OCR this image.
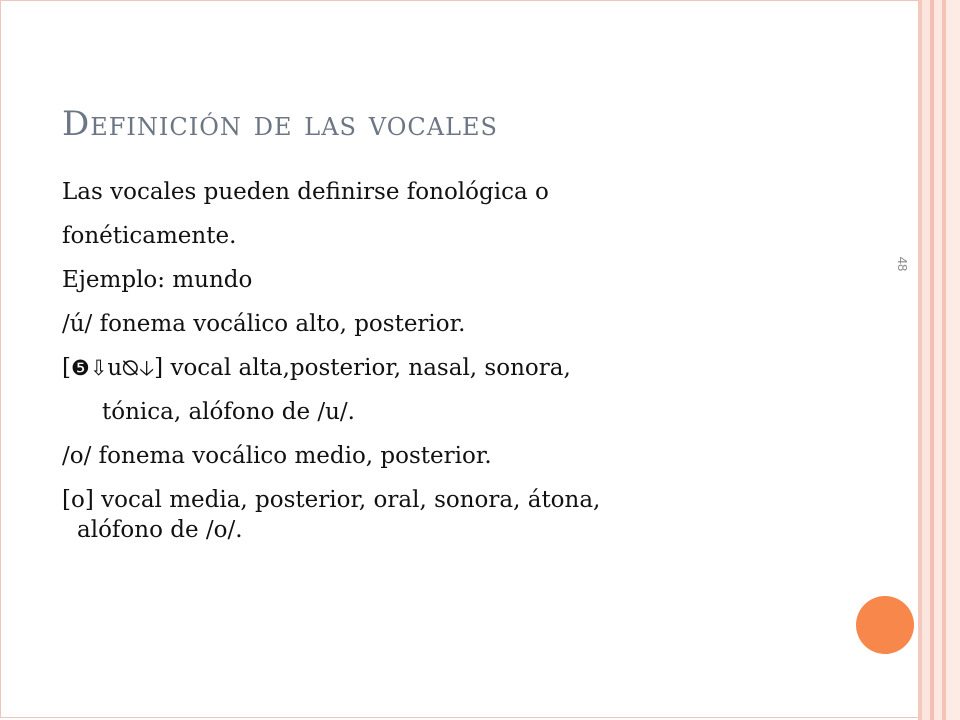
48
Definición de las vocales

Las vocales pueden definirse fonológica o

fonéticamente.

Ejemplo: mundo

/ú/ fonema vocálico alto, posterior.

[❺⇩u⦰🡣] vocal alta,posterior, nasal, sonora,

tónica, alófono de /u/.

/o/ fonema vocálico medio, posterior.

[o] vocal media, posterior, oral, sonora, átona,

alófono de /o/.
